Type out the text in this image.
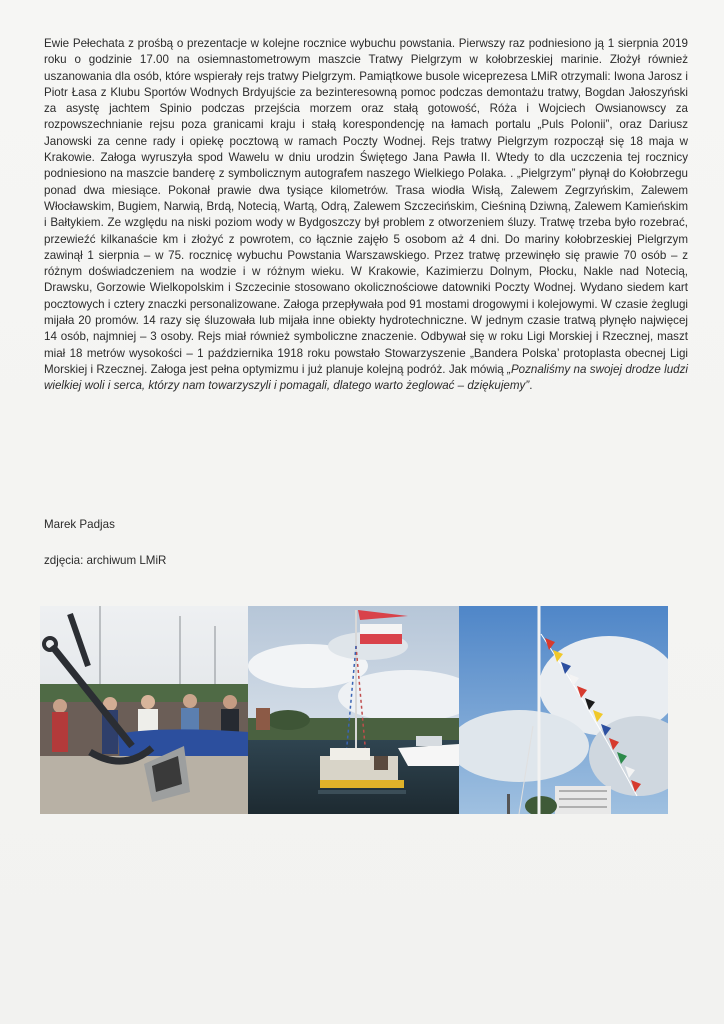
Ewie Pełechata z prośbą o prezentacje w kolejne rocznice wybuchu powstania. Pierwszy raz podniesiono ją 1 sierpnia 2019 roku o godzinie 17.00 na osiemnastometrowym maszcie Tratwy Pielgrzym w kołobrzeskiej marinie. Złożył również uszanowania dla osób, które wspierały rejs tratwy Pielgrzym. Pamiątkowe busole wiceprezesa LMiR otrzymali: Iwona Jarosz i Piotr Łasa z Klubu Sportów Wodnych Brdyujście za bezinteresowną pomoc podczas demontażu tratwy, Bogdan Jałoszyński za asystę jachtem Spinio podczas przejścia morzem oraz stałą gotowość, Róża i Wojciech Owsianowscy za rozpowszechnianie rejsu poza granicami kraju i stałą korespondencję na łamach portalu „Puls Polonii”, oraz Dariusz Janowski za cenne rady i opiekę pocztową w ramach Poczty Wodnej. Rejs tratwy Pielgrzym rozpoczął się 18 maja w Krakowie. Załoga wyruszyła spod Wawelu w dniu urodzin Świętego Jana Pawła II. Wtedy to dla uczczenia tej rocznicy podniesiono na maszcie banderę z symbolicznym autografem naszego Wielkiego Polaka. . „Pielgrzym” płynął do Kołobrzegu ponad dwa miesiące. Pokonał prawie dwa tysiące kilometrów. Trasa wiodła Wisłą, Zalewem Zegrzyńskim, Zalewem Włocławskim, Bugiem, Narwią, Brdą, Notecią, Wartą, Odrą, Zalewem Szczecińskim, Cieśniną Dziwną, Zalewem Kamieńskim i Bałtykiem. Ze względu na niski poziom wody w Bydgoszczy był problem z otworzeniem śluzy. Tratwę trzeba było rozebrać, przewieźć kilkanaście km i złożyć z powrotem, co łącznie zajęło 5 osobom aż 4 dni. Do mariny kołobrzeskiej Pielgrzym zawinął 1 sierpnia – w 75. rocznicę wybuchu Powstania Warszawskiego. Przez tratwę przewinęło się prawie 70 osób – z różnym doświadczeniem na wodzie i w różnym wieku. W Krakowie, Kazimierzu Dolnym, Płocku, Nakle nad Notecią, Drawsku, Gorzowie Wielkopolskim i Szczecinie stosowano okolicznościowe datowniki Poczty Wodnej. Wydano siedem kart pocztowych i cztery znaczki personalizowane. Załoga przepływała pod 91 mostami drogowymi i kolejowymi. W czasie żeglugi mijała 20 promów. 14 razy się śluzowała lub mijała inne obiekty hydrotechniczne. W jednym czasie tratwą płynęło najwięcej 14 osób, najmniej – 3 osoby. Rejs miał również symboliczne znaczenie. Odbywał się w roku Ligi Morskiej i Rzecznej, maszt miał 18 metrów wysokości – 1 października 1918 roku powstało Stowarzyszenie „Bandera Polska’ protoplasta obecnej Ligi Morskiej i Rzecznej. Załoga jest pełna optymizmu i już planuje kolejną podróż. Jak mówią „Poznaliśmy na swojej drodze ludzi wielkiej woli i serca, którzy nam towarzyszyli i pomagali, dlatego warto żeglować – dziękujemy”.
Marek Padjas
zdjęcia: archiwum LMiR
